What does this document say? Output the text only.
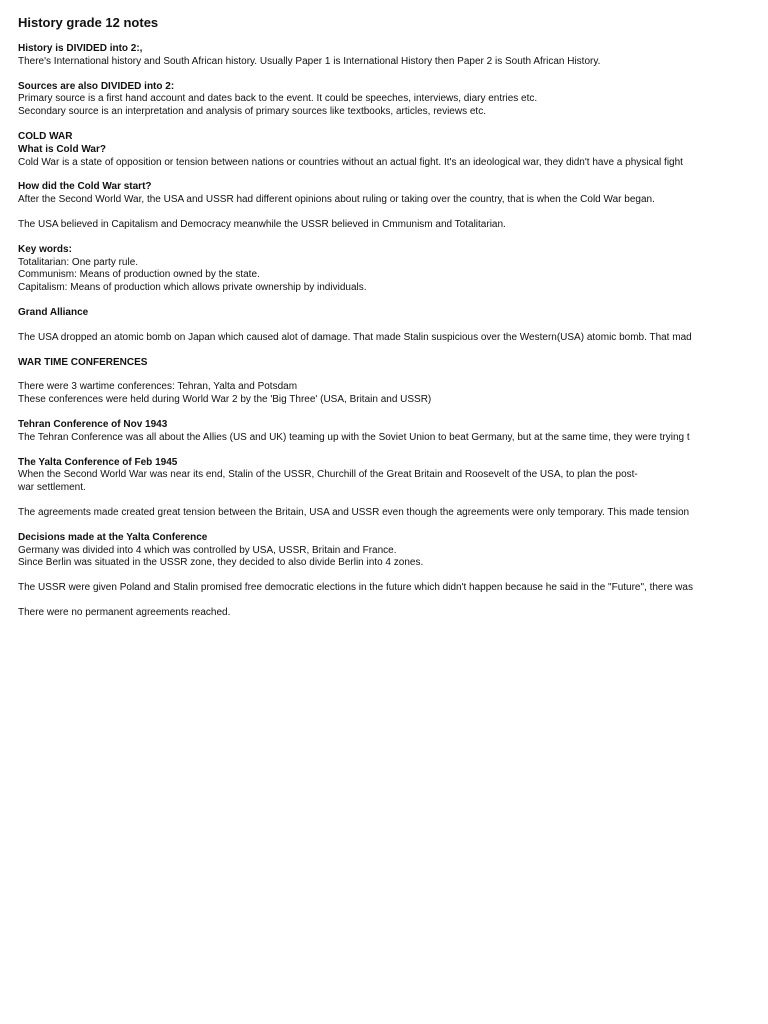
History grade 12 notes
History is DIVIDED into 2:,
There's International history and South African history. Usually Paper 1 is International History then Paper 2 is South African History.
Sources are also DIVIDED into 2:
Primary source is a first hand account and dates back to the event. It could be speeches, interviews, diary entries etc.
Secondary source is an interpretation and analysis of primary sources like textbooks, articles, reviews etc.
COLD WAR
What is Cold War?
Cold War is a state of opposition or tension between nations or countries without an actual fight. It's an ideological war, they didn't have a physical fight
How did the Cold War start?
After the Second World War, the USA and USSR had different opinions about ruling or taking over the country, that is when the Cold War began.
The USA believed in Capitalism and Democracy meanwhile the USSR believed in Cmmunism and Totalitarian.
Key words:
Totalitarian: One party rule.
Communism: Means of production owned by the state.
Capitalism: Means of production which allows private ownership by individuals.
Grand Alliance
The USA dropped an atomic bomb on Japan which caused alot of damage. That made Stalin suspicious over the Western(USA) atomic bomb. That mad
WAR TIME CONFERENCES
There were 3 wartime conferences: Tehran, Yalta and Potsdam
These conferences were held during World War 2 by the 'Big Three' (USA, Britain and USSR)
Tehran Conference of Nov 1943
The Tehran Conference was all about the Allies (US and UK) teaming up with the Soviet Union to beat Germany, but at the same time, they were trying t
The Yalta Conference of Feb 1945
When the Second World War was near its end, Stalin of the USSR, Churchill of the Great Britain and Roosevelt of the USA, to plan the post-
war settlement.
The agreements made created great tension between the Britain, USA and USSR even though the agreements were only temporary. This made tension
Decisions made at the Yalta Conference
Germany was divided into 4 which was controlled by USA, USSR, Britain and France.
Since Berlin was situated in the USSR zone, they decided to also divide Berlin into 4 zones.
The USSR were given Poland and Stalin promised free democratic elections in the future which didn't happen because he said in the "Future", there was
There were no permanent agreements reached.
